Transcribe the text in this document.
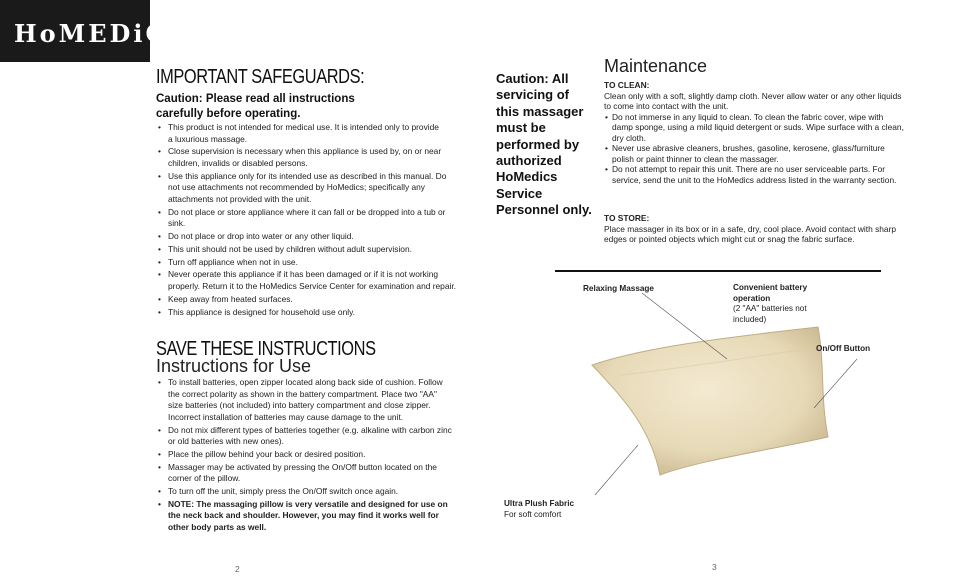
HoMEDiCS®
IMPORTANT SAFEGUARDS:
Caution: Please read all instructions
carefully before operating.
• This product is not intended for medical use. It is intended only to provide
a luxurious massage.
• Close supervision is necessary when this appliance is used by, on or near children, invalids or disabled persons.
• Use this appliance only for its intended use as described in this manual. Do not use attachments not recommended by HoMedics; specifically any attachments not provided with the unit.
• Do not place or store appliance where it can fall or be dropped into a tub or sink.
• Do not place or drop into water or any other liquid.
• This unit should not be used by children without adult supervision.
• Turn off appliance when not in use.
• Never operate this appliance if it has been damaged or if it is not working properly. Return it to the HoMedics Service Center for examination and repair.
• Keep away from heated surfaces.
• This appliance is designed for household use only.
SAVE THESE INSTRUCTIONS
Instructions for Use
• To install batteries, open zipper located along back side of cushion. Follow the correct polarity as shown in the battery compartment. Place two "AA" size batteries (not included) into battery compartment and close zipper. Incorrect installation of batteries may cause damage to the unit.
• Do not mix different types of batteries together (e.g. alkaline with carbon zinc or old batteries with new ones).
• Place the pillow behind your back or desired position.
• Massager may be activated by pressing the On/Off button located on the corner of the pillow.
• To turn off the unit, simply press the On/Off switch once again.
• NOTE: The massaging pillow is very versatile and designed for use on the neck back and shoulder. However, you may find it works well for other body parts as well.
Caution: All servicing of this massager must be performed by authorized HoMedics Service Personnel only.
Maintenance
TO CLEAN:
Clean only with a soft, slightly damp cloth. Never allow water or any other liquids to come into contact with the unit.
• Do not immerse in any liquid to clean. To clean the fabric cover, wipe with damp sponge, using a mild liquid detergent or suds. Wipe surface with a clean, dry cloth.
• Never use abrasive cleaners, brushes, gasoline, kerosene, glass/furniture polish or paint thinner to clean the massager.
• Do not attempt to repair this unit. There are no user serviceable parts. For service, send the unit to the HoMedics address listed in the warranty section.
TO STORE:
Place massager in its box or in a safe, dry, cool place. Avoid contact with sharp edges or pointed objects which might cut or snag the fabric surface.
Relaxing Massage	Convenient battery operation
(2 "AA" batteries not included)
On/Off Button
Ultra Plush Fabric
For soft comfort
2	3
